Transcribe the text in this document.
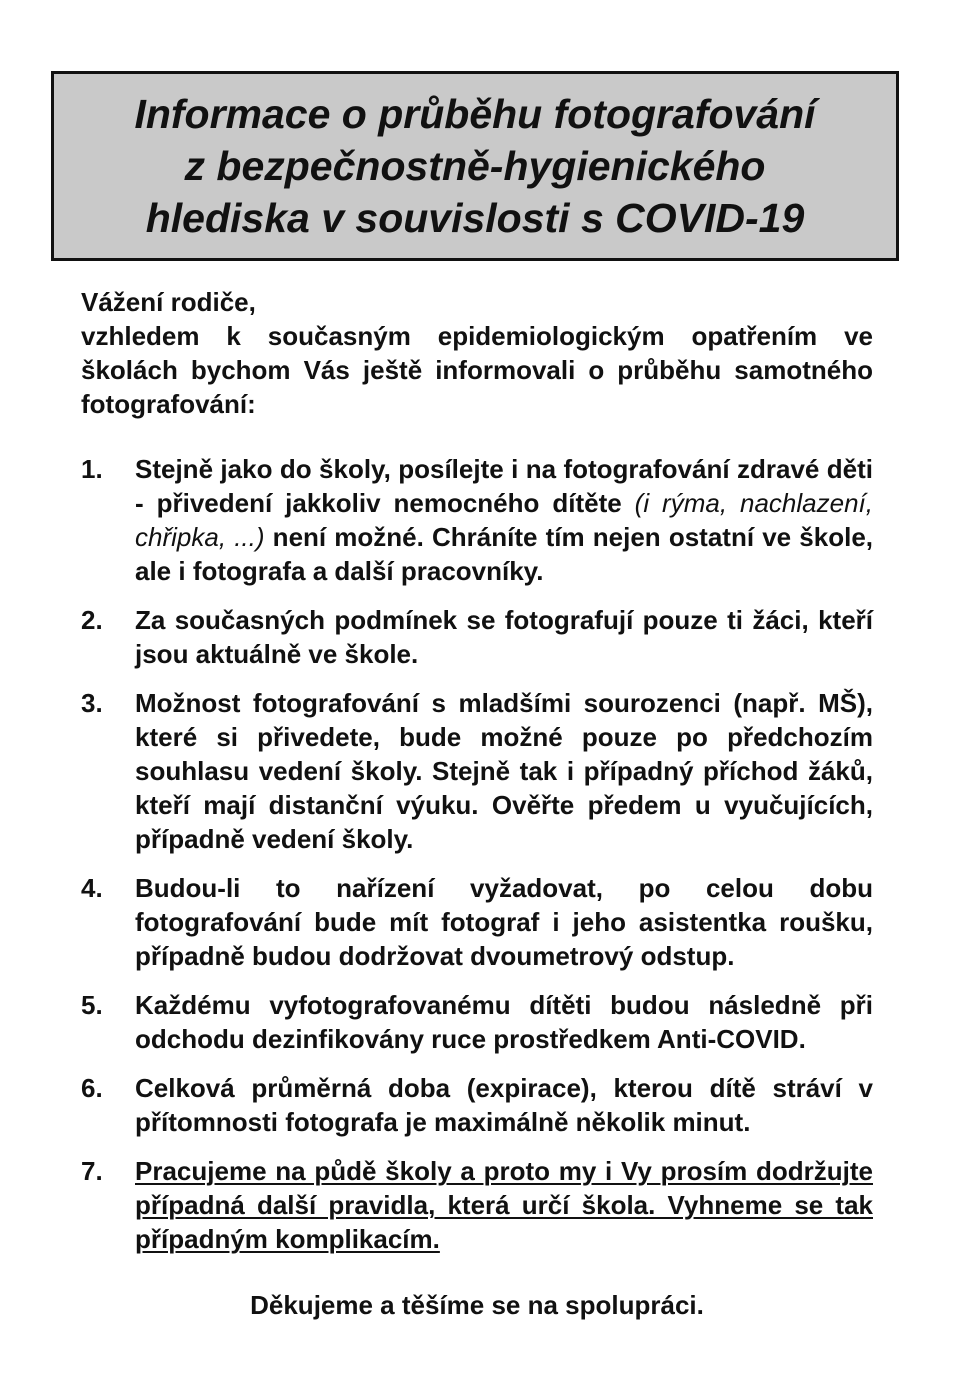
Informace o průběhu fotografování
z bezpečnostně-hygienického
hlediska v souvislosti s COVID-19

Vážení rodiče,

vzhledem k současným epidemiologickým opatřením ve školách bychom Vás ještě informovali o průběhu samotného fotografování:

1.	Stejně jako do školy, posílejte i na fotografování zdravé děti - přivedení jakkoliv nemocného dítěte (i rýma, nachlazení, chřipka, ...) není možné. Chráníte tím nejen ostatní ve škole, ale i fotografa a další pracovníky.
2.	Za současných podmínek se fotografují pouze ti žáci, kteří jsou aktuálně ve škole.
3.	Možnost fotografování s mladšími sourozenci (např. MŠ), které si přivedete, bude možné pouze po předchozím souhlasu vedení školy. Stejně tak i případný příchod žáků, kteří mají distanční výuku. Ověřte předem u vyučujících, případně vedení školy.
4.	Budou-li to nařízení vyžadovat, po celou dobu fotografování bude mít fotograf i jeho asistentka roušku, případně budou dodržovat dvoumetrový odstup.
5.	Každému vyfotografovanému dítěti budou následně při odchodu dezinfikovány ruce prostředkem Anti-COVID.
6.	Celková průměrná doba (expirace), kterou dítě stráví v přítomnosti fotografa je maximálně několik minut.
7.	Pracujeme na půdě školy a proto my i Vy prosím dodržujte případná další pravidla, která určí škola. Vyhneme se tak případným komplikacím.
Děkujeme a těšíme se na spolupráci.
